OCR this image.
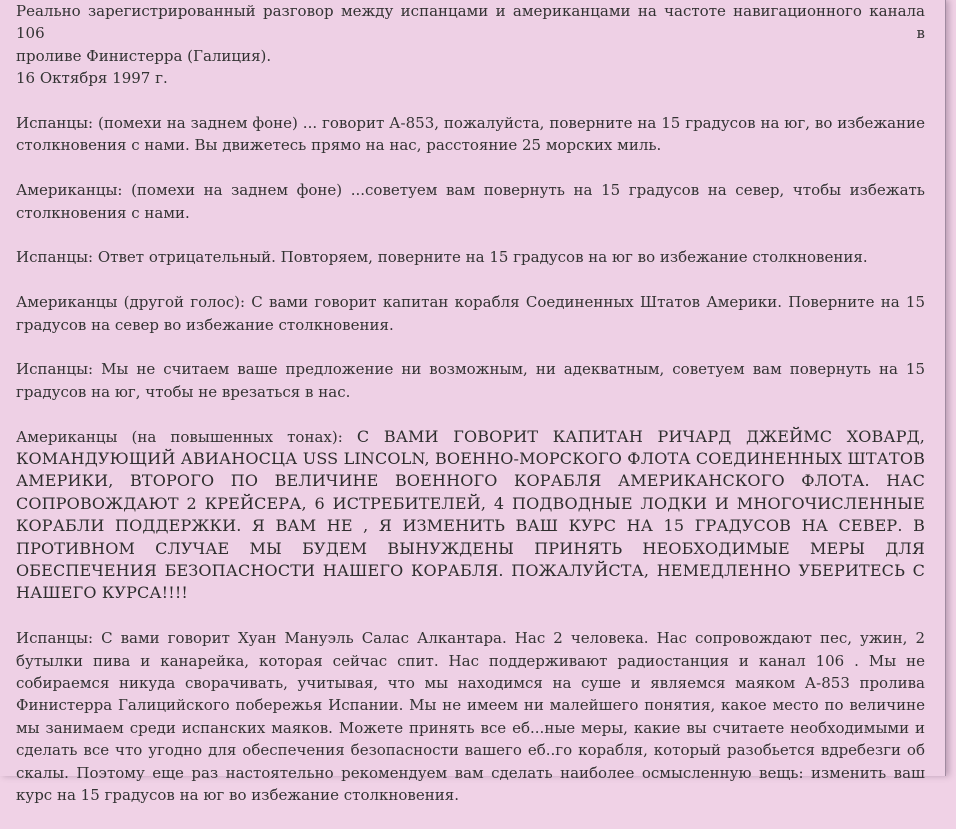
Реально зарегистрированный разговор между испанцами и американцами на частоте навигационного канала 106 в
проливе Финистерра (Галиция).
16 Октября 1997 г.

Испанцы: (помехи на заднем фоне) ... говорит А-853, пожалуйста, поверните на 15 градусов на юг, во избежание столкновения с нами. Вы движетесь прямо на нас, расстояние 25 морских миль.

Американцы: (помехи на заднем фоне) ...советуем вам повернуть на 15 градусов на север, чтобы избежать столкновения с нами.

Испанцы: Ответ отрицательный. Повторяем, поверните на 15 градусов на юг во избежание столкновения.

Американцы (другой голос): С вами говорит капитан корабля Соединенных Штатов Америки. Поверните на 15 градусов на север во избежание столкновения.

Испанцы: Мы не считаем ваше предложение ни возможным, ни адекватным, советуем вам повернуть на 15 градусов на юг, чтобы не врезаться в нас.

Американцы (на повышенных тонах): С ВАМИ ГОВОРИТ КАПИТАН РИЧАРД ДЖЕЙМС ХОВАРД, КОМАНДУЮЩИЙ АВИАНОСЦА USS LINCOLN, ВОЕННО-МОРСКОГО ФЛОТА СОЕДИНЕННЫХ ШТАТОВ АМЕРИКИ, ВТОРОГО ПО ВЕЛИЧИНЕ ВОЕННОГО КОРАБЛЯ АМЕРИКАНСКОГО ФЛОТА. НАС СОПРОВОЖДАЮТ 2 КРЕЙСЕРА, 6 ИСТРЕБИТЕЛЕЙ, 4 ПОДВОДНЫЕ ЛОДКИ И МНОГОЧИСЛЕННЫЕ КОРАБЛИ ПОДДЕРЖКИ. Я ВАМ НЕ , Я ИЗМЕНИТЬ ВАШ КУРС НА 15 ГРАДУСОВ НА СЕВЕР. В ПРОТИВНОМ СЛУЧАЕ МЫ БУДЕМ ВЫНУЖДЕНЫ ПРИНЯТЬ НЕОБХОДИМЫЕ МЕРЫ ДЛЯ ОБЕСПЕЧЕНИЯ БЕЗОПАСНОСТИ НАШЕГО КОРАБЛЯ. ПОЖАЛУЙСТА, НЕМЕДЛЕННО УБЕРИТЕСЬ С НАШЕГО КУРСА!!!!

Испанцы: С вами говорит Хуан Мануэль Салас Алкантара. Нас 2 человека. Нас сопровождают пес, ужин, 2 бутылки пива и канарейка, которая сейчас спит. Нас поддерживают радиостанция и канал 106 . Мы не собираемся никуда сворачивать, учитывая, что мы находимся на суше и являемся маяком А-853 пролива Финистерра Галицийского побережья Испании. Мы не имеем ни малейшего понятия, какое место по величине мы занимаем среди испанских маяков. Можете принять все еб...ные меры, какие вы считаете необходимыми и сделать все что угодно для обеспечения безопасности вашего еб..го корабля, который разобьется вдребезги об скалы. Поэтому еще раз настоятельно рекомендуем вам сделать наиболее осмысленную вещь: изменить ваш курс на 15 градусов на юг во избежание столкновения.
